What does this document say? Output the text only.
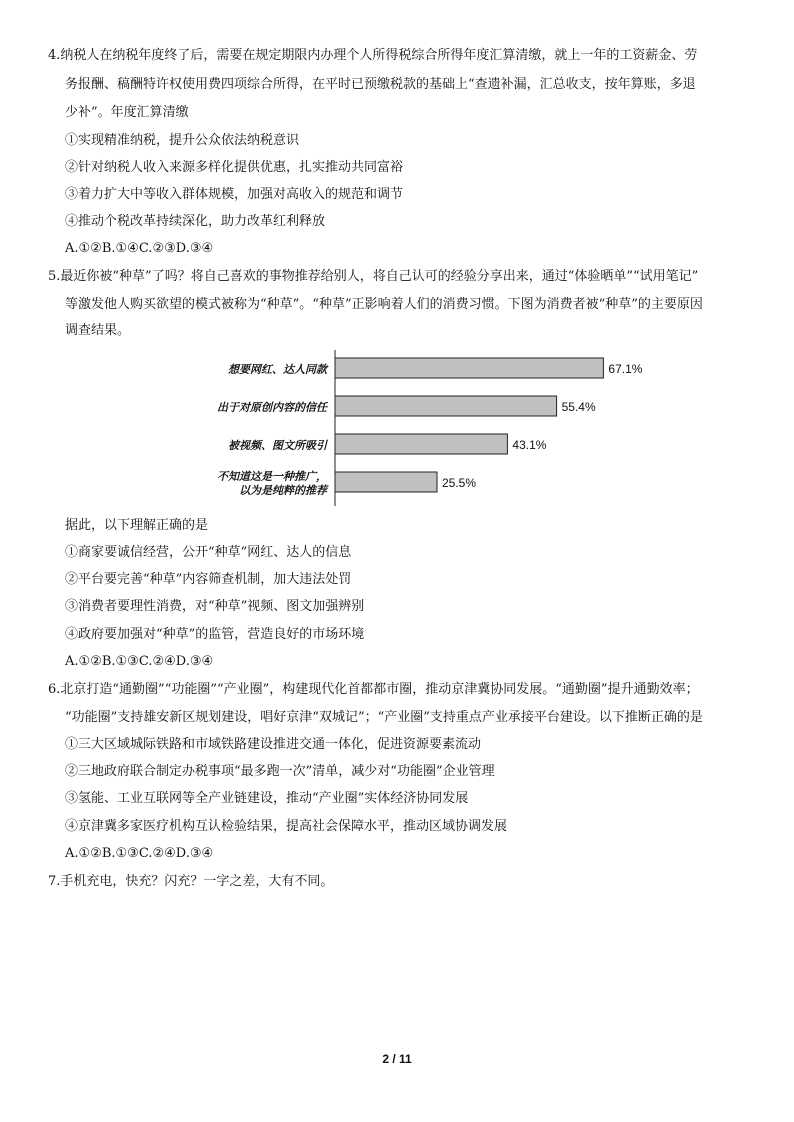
4.纳税人在纳税年度终了后，需要在规定期限内办理个人所得税综合所得年度汇算清缴，就上一年的工资薪金、劳
务报酬、稿酬特许权使用费四项综合所得，在平时已预缴税款的基础上“查遗补漏，汇总收支，按年算账，多退
少补”。年度汇算清缴
①实现精准纳税，提升公众依法纳税意识
②针对纳税人收入来源多样化提供优惠，扎实推动共同富裕
③着力扩大中等收入群体规模，加强对高收入的规范和调节
④推动个税改革持续深化，助力改革红利释放
A.①②B.①④C.②③D.③④
5.最近你被“种草”了吗？将自己喜欢的事物推荐给别人，将自己认可的经验分享出来，通过“体验晒单”“试用笔记”
等激发他人购买欲望的模式被称为“种草”。“种草”正影响着人们的消费习惯。下图为消费者被“种草”的主要原因
调查结果。
67.1%
想要网红、达人同款
55.4%
出于对原创内容的信任
43.1%
被视频、图文所吸引
25.5%
不知道这是一种推广，
以为是纯粹的推荐
据此，以下理解正确的是
①商家要诚信经营，公开“种草”网红、达人的信息
②平台要完善“种草”内容筛查机制，加大违法处罚
③消费者要理性消费，对“种草”视频、图文加强辨别
④政府要加强对“种草”的监管，营造良好的市场环境
A.①②B.①③C.②④D.③④
6.北京打造“通勤圈”“功能圈”“产业圈”，构建现代化首都都市圈，推动京津冀协同发展。“通勤圈”提升通勤效率；
“功能圈”支持雄安新区规划建设，唱好京津“双城记”；“产业圈”支持重点产业承接平台建设。以下推断正确的是
①三大区域城际铁路和市域铁路建设推进交通一体化，促进资源要素流动
②三地政府联合制定办税事项“最多跑一次”清单，减少对“功能圈”企业管理
③氢能、工业互联网等全产业链建设，推动“产业圈”实体经济协同发展
④京津冀多家医疗机构互认检验结果，提高社会保障水平，推动区域协调发展
A.①②B.①③C.②④D.③④
7.手机充电，快充？闪充？一字之差，大有不同。
2 / 11
